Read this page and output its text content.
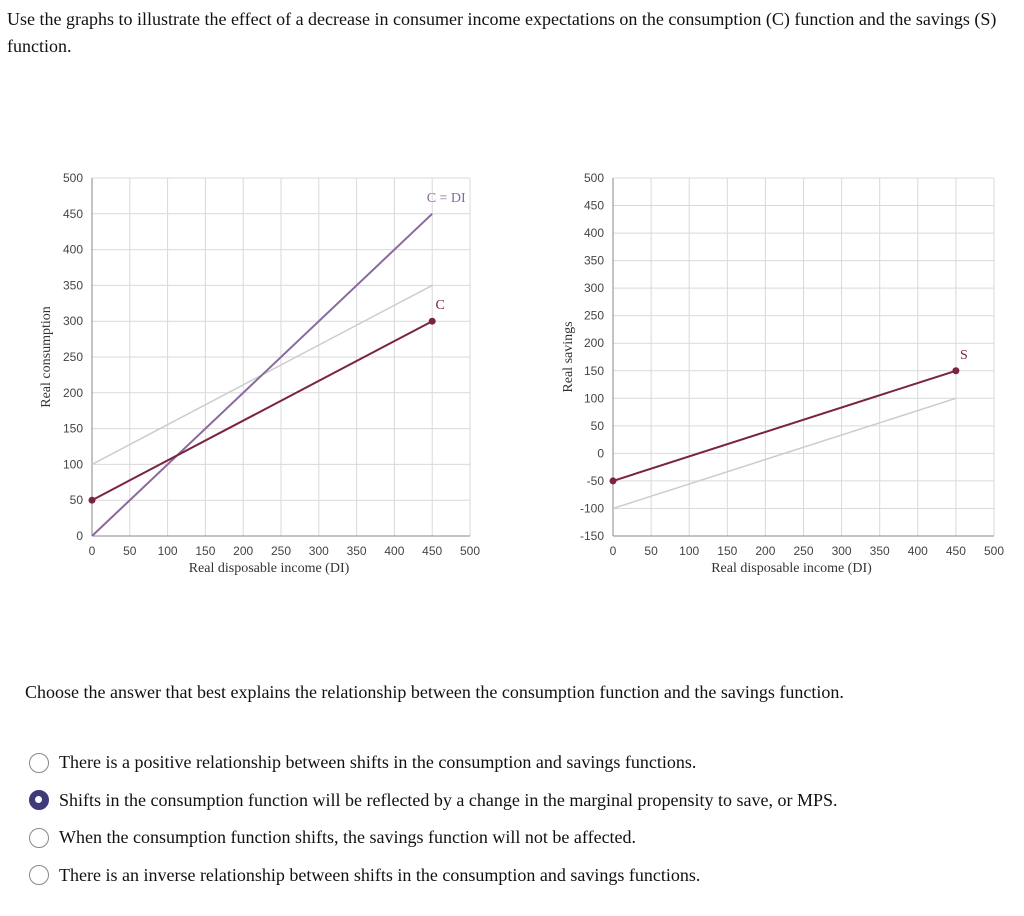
Use the graphs to illustrate the effect of a decrease in consumer income expectations on the consumption (C) function and the savings (S) function.

0 50 100 150 200 250 300 350 400 450 500
0
50
100
150
200
250
300
350
400
450
500
Real disposable income (DI)
Real consumption
C = DI
C
0 50 100 150 200 250 300 350 400 450 500
-150
-100
-50
0
50
100
150
200
250
300
350
400
450
500
Real disposable income (DI)
Real savings	S

Choose the answer that best explains the relationship between the consumption function and the savings function.

There is a positive relationship between shifts in the consumption and savings functions.
Shifts in the consumption function will be reflected by a change in the marginal propensity to save, or MPS.
When the consumption function shifts, the savings function will not be affected.
There is an inverse relationship between shifts in the consumption and savings functions.
